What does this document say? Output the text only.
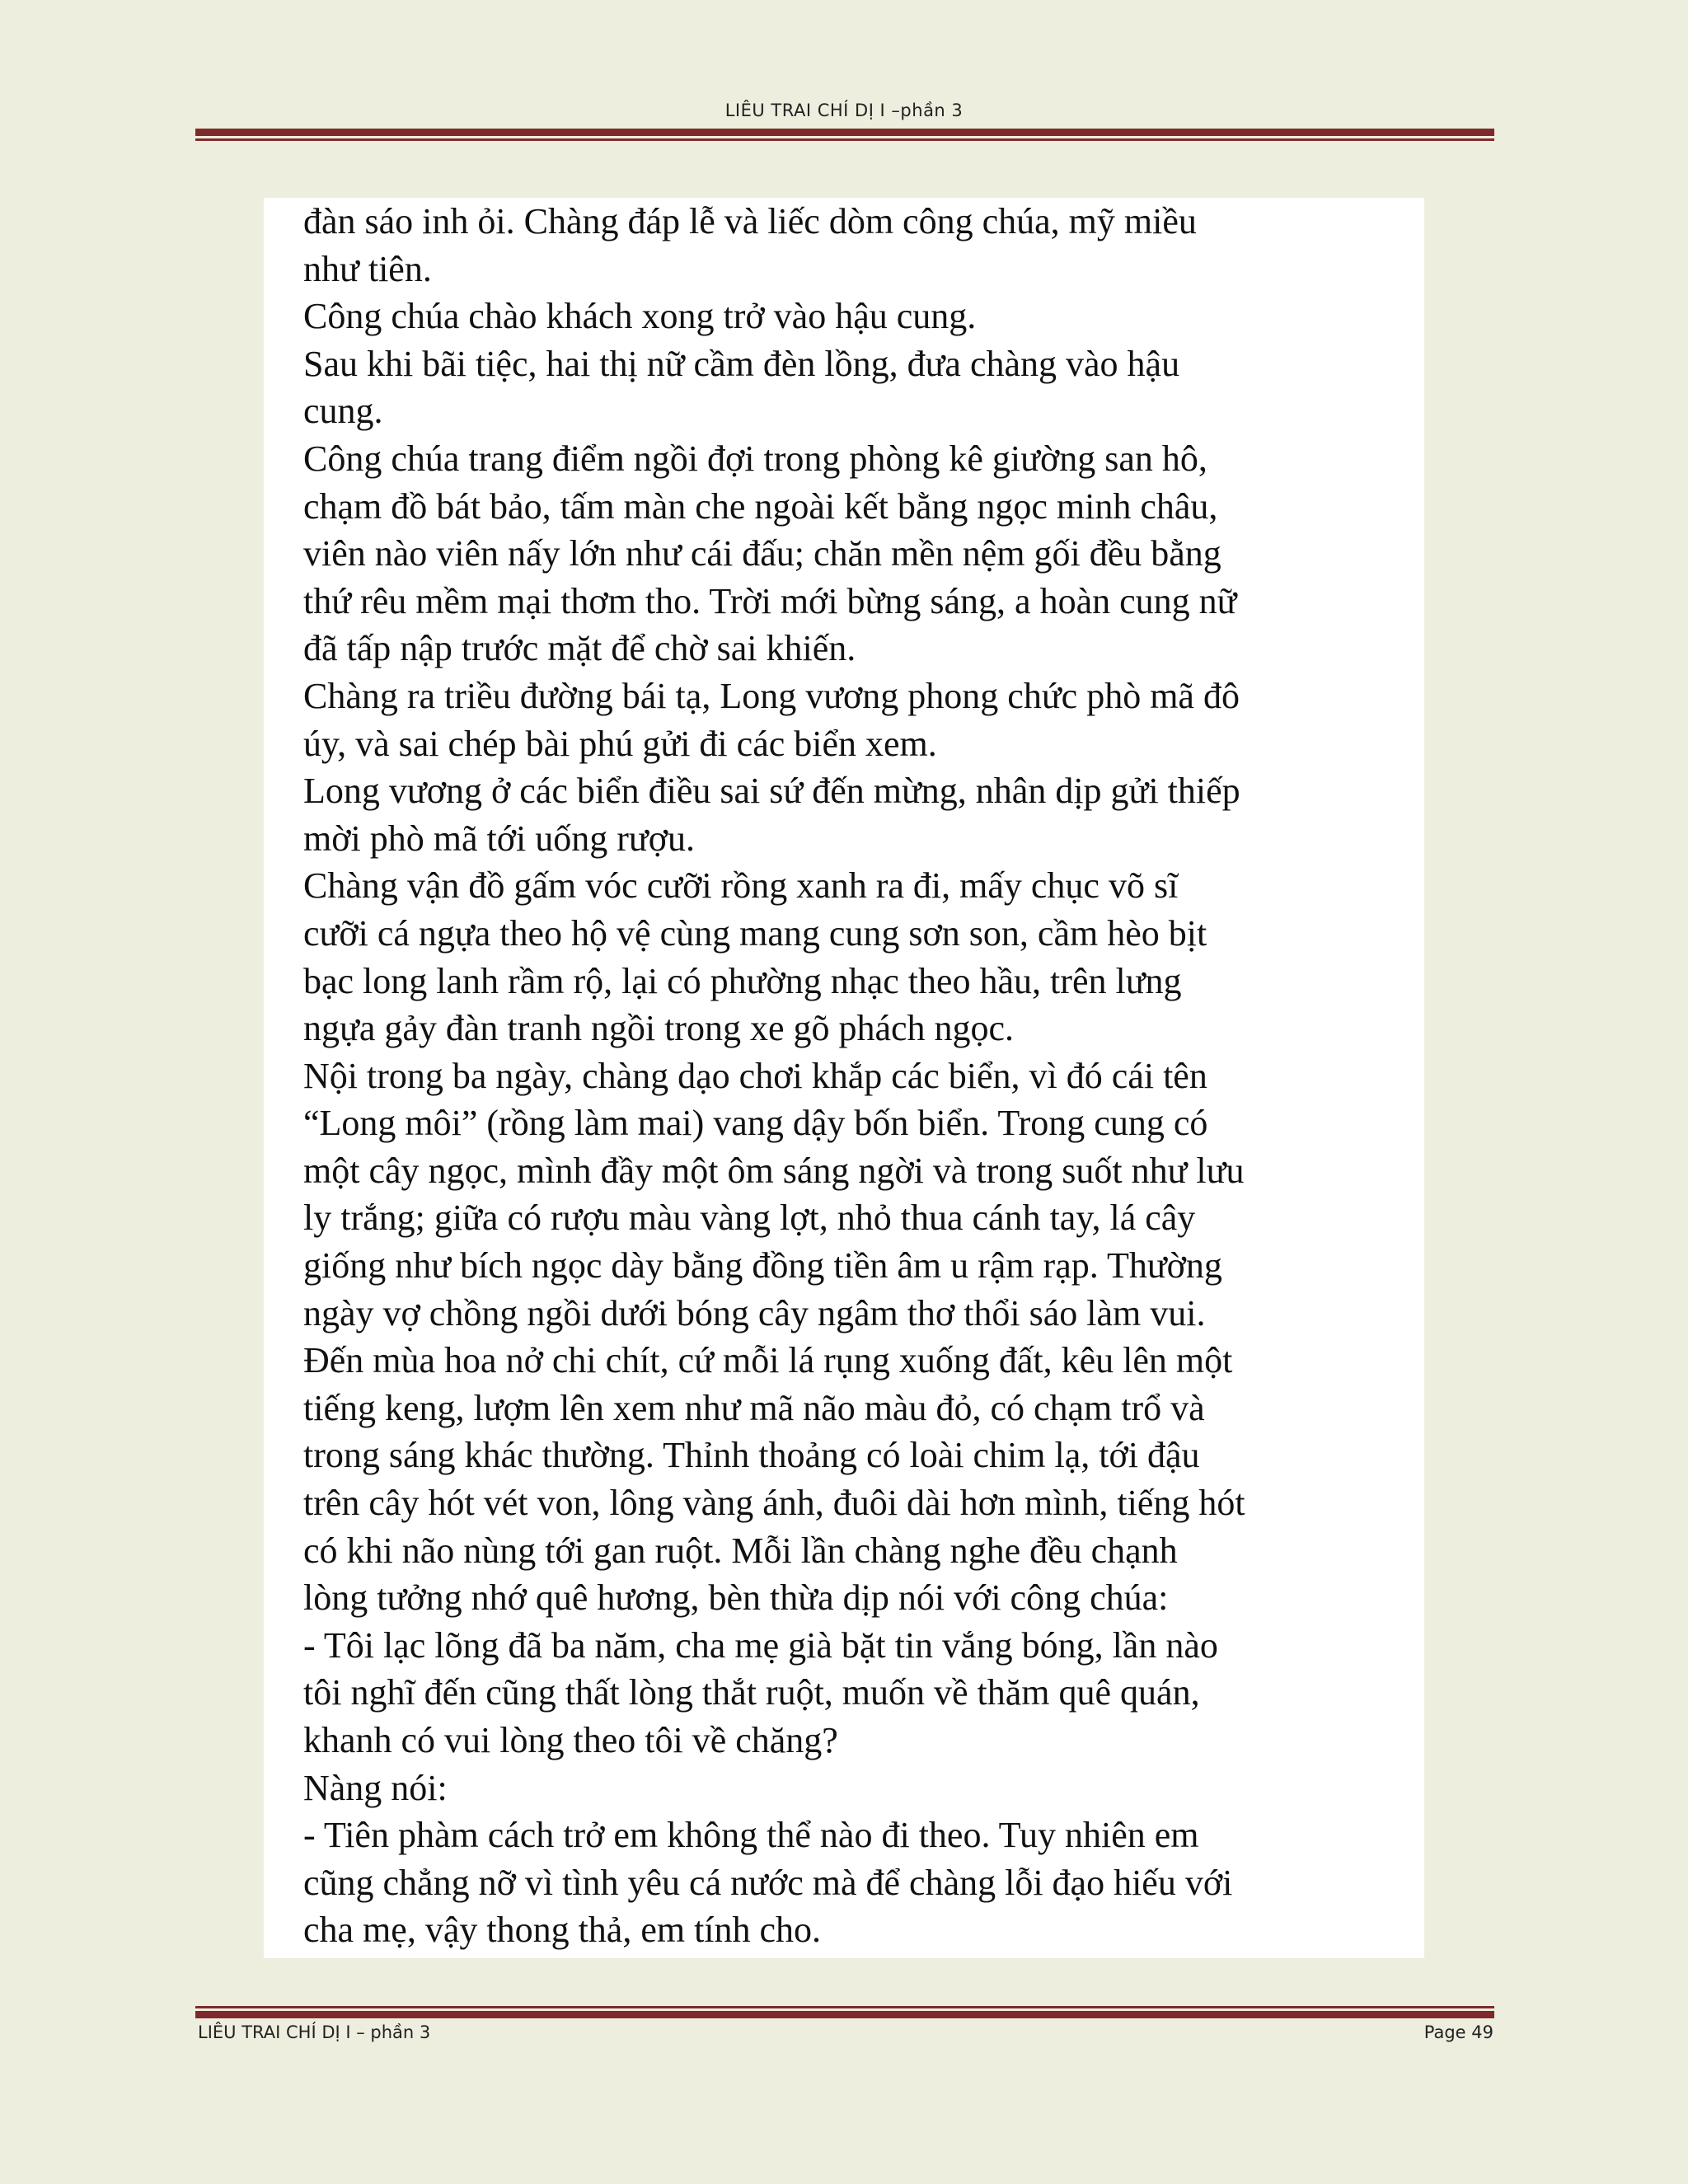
LIÊU TRAI CHÍ DỊ I –phần 3

đàn sáo inh ỏi. Chàng đáp lễ và liếc dòm công chúa, mỹ miều
như tiên.

Công chúa chào khách xong trở vào hậu cung.

Sau khi bãi tiệc, hai thị nữ cầm đèn lồng, đưa chàng vào hậu
cung.

Công chúa trang điểm ngồi đợi trong phòng kê giường san hô,
chạm đồ bát bảo, tấm màn che ngoài kết bằng ngọc minh châu,
viên nào viên nấy lớn như cái đấu; chăn mền nệm gối đều bằng
thứ rêu mềm mại thơm tho. Trời mới bừng sáng, a hoàn cung nữ
đã tấp nập trước mặt để chờ sai khiến.

Chàng ra triều đường bái tạ, Long vương phong chức phò mã đô
úy, và sai chép bài phú gửi đi các biển xem.

Long vương ở các biển điều sai sứ đến mừng, nhân dịp gửi thiếp
mời phò mã tới uống rượu.

Chàng vận đồ gấm vóc cưỡi rồng xanh ra đi, mấy chục võ sĩ
cưỡi cá ngựa theo hộ vệ cùng mang cung sơn son, cầm hèo bịt
bạc long lanh rầm rộ, lại có phường nhạc theo hầu, trên lưng
ngựa gảy đàn tranh ngồi trong xe gõ phách ngọc.

Nội trong ba ngày, chàng dạo chơi khắp các biển, vì đó cái tên
“Long môi” (rồng làm mai) vang dậy bốn biển. Trong cung có
một cây ngọc, mình đầy một ôm sáng ngời và trong suốt như lưu
ly trắng; giữa có rượu màu vàng lợt, nhỏ thua cánh tay, lá cây
giống như bích ngọc dày bằng đồng tiền âm u rậm rạp. Thường
ngày vợ chồng ngồi dưới bóng cây ngâm thơ thổi sáo làm vui.
Đến mùa hoa nở chi chít, cứ mỗi lá rụng xuống đất, kêu lên một
tiếng keng, lượm lên xem như mã não màu đỏ, có chạm trổ và
trong sáng khác thường. Thỉnh thoảng có loài chim lạ, tới đậu
trên cây hót vét von, lông vàng ánh, đuôi dài hơn mình, tiếng hót
có khi não nùng tới gan ruột. Mỗi lần chàng nghe đều chạnh
lòng tưởng nhớ quê hương, bèn thừa dịp nói với công chúa:

- Tôi lạc lõng đã ba năm, cha mẹ già bặt tin vắng bóng, lần nào
tôi nghĩ đến cũng thất lòng thắt ruột, muốn về thăm quê quán,
khanh có vui lòng theo tôi về chăng?

Nàng nói:

- Tiên phàm cách trở em không thể nào đi theo. Tuy nhiên em
cũng chẳng nỡ vì tình yêu cá nước mà để chàng lỗi đạo hiếu với
cha mẹ, vậy thong thả, em tính cho.

LIÊU TRAI CHÍ DỊ I – phần 3	Page 49
